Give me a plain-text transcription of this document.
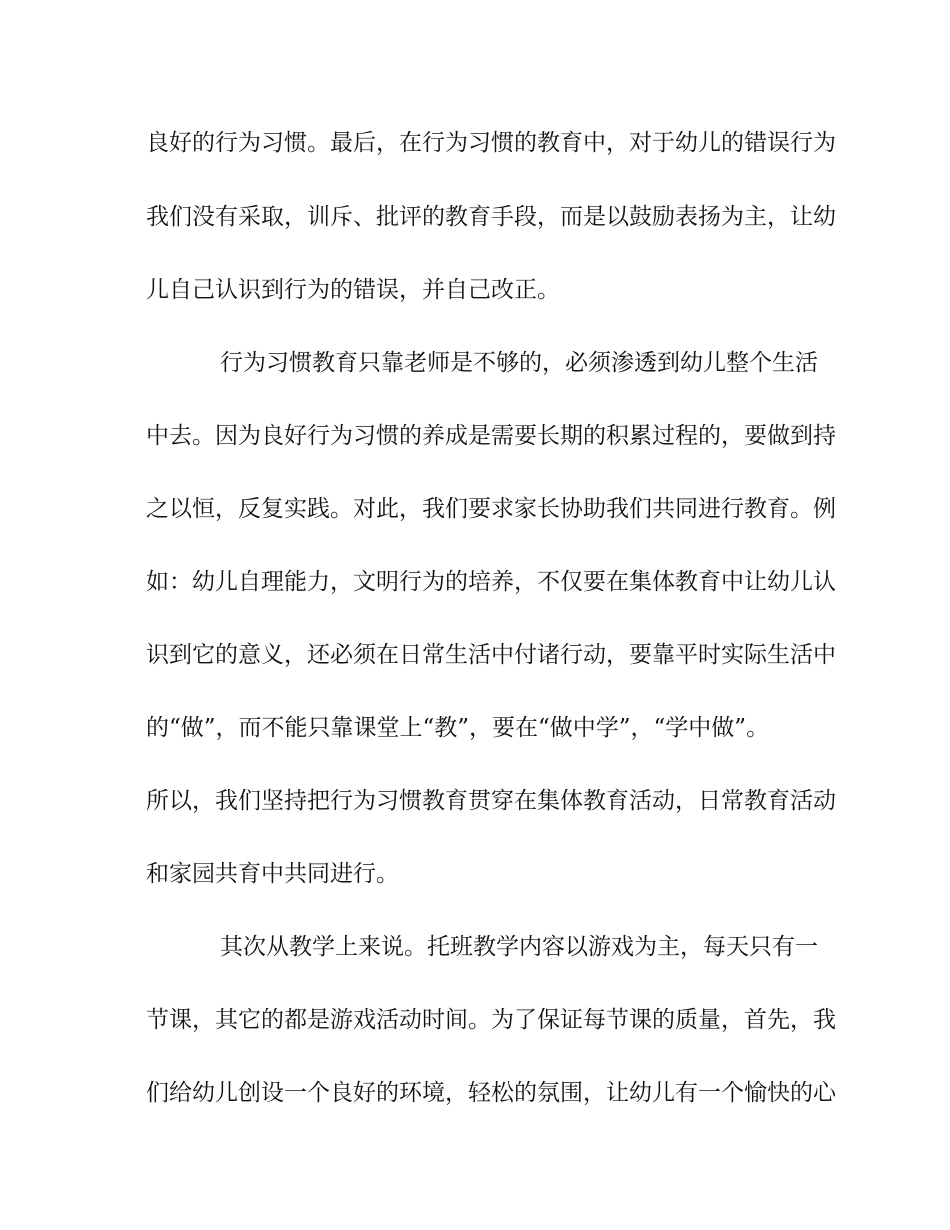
良好的行为习惯。最后，在行为习惯的教育中，对于幼儿的错误行为

我们没有采取，训斥、批评的教育手段，而是以鼓励表扬为主，让幼

儿自己认识到行为的错误，并自己改正。

行为习惯教育只靠老师是不够的，必须渗透到幼儿整个生活

中去。因为良好行为习惯的养成是需要长期的积累过程的，要做到持

之以恒，反复实践。对此，我们要求家长协助我们共同进行教育。例

如：幼儿自理能力，文明行为的培养，不仅要在集体教育中让幼儿认

识到它的意义，还必须在日常生活中付诸行动，要靠平时实际生活中

的“做”，而不能只靠课堂上“教”，要在“做中学”，“学中做”。

所以，我们坚持把行为习惯教育贯穿在集体教育活动，日常教育活动

和家园共育中共同进行。

其次从教学上来说。托班教学内容以游戏为主，每天只有一

节课，其它的都是游戏活动时间。为了保证每节课的质量，首先，我

们给幼儿创设一个良好的环境，轻松的氛围，让幼儿有一个愉快的心
